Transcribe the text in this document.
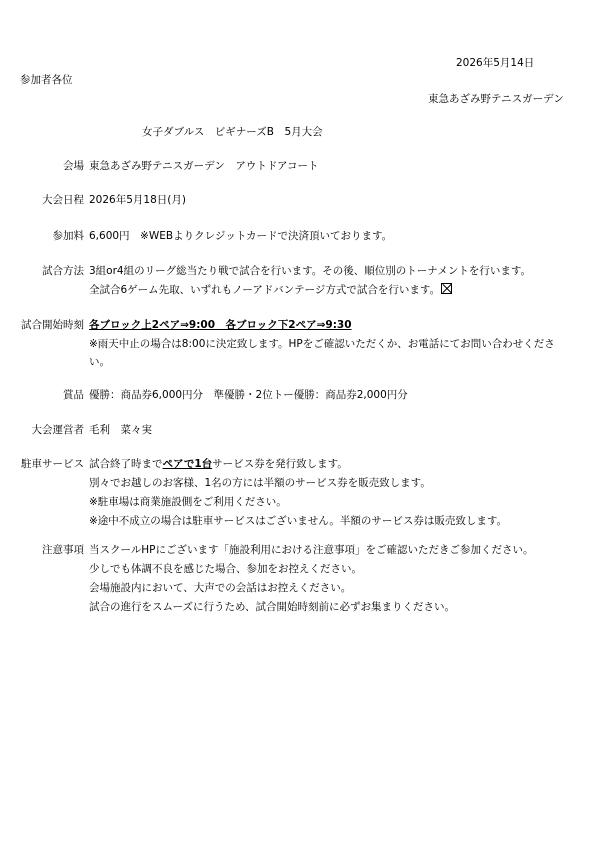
2026年5月14日
参加者各位
東急あざみ野テニスガーデン
女子ダブルス　ビギナーズB　5月大会
会場 東急あざみ野テニスガーデン　アウトドアコート
大会日程 2026年5月18日(月)
参加料 6,600円　※WEBよりクレジットカードで決済頂いております。
試合方法 3組or4組のリーグ総当たり戦で試合を行います。その後、順位別のトーナメントを行います。
全試合6ゲーム先取、いずれもノーアドバンテージ方式で試合を行います。
試合開始時刻 各ブロック上2ペア⇒9:00　各ブロック下2ペア⇒9:30
※雨天中止の場合は8:00に決定致します。HPをご確認いただくか、お電話にてお問い合わせください。
賞品 優勝：商品券6,000円分　準優勝・2位トー優勝：商品券2,000円分
大会運営者 毛利　菜々実
駐車サービス 試合終了時までペアで1台サービス券を発行致します。
別々でお越しのお客様、1名の方には半額のサービス券を販売致します。
※駐車場は商業施設側をご利用ください。
※途中不成立の場合は駐車サービスはございません。半額のサービス券は販売致します。
注意事項 当スクールHPにございます「施設利用における注意事項」をご確認いただきご参加ください。
少しでも体調不良を感じた場合、参加をお控えください。
会場施設内において、大声での会話はお控えください。
試合の進行をスムーズに行うため、試合開始時刻前に必ずお集まりください。
